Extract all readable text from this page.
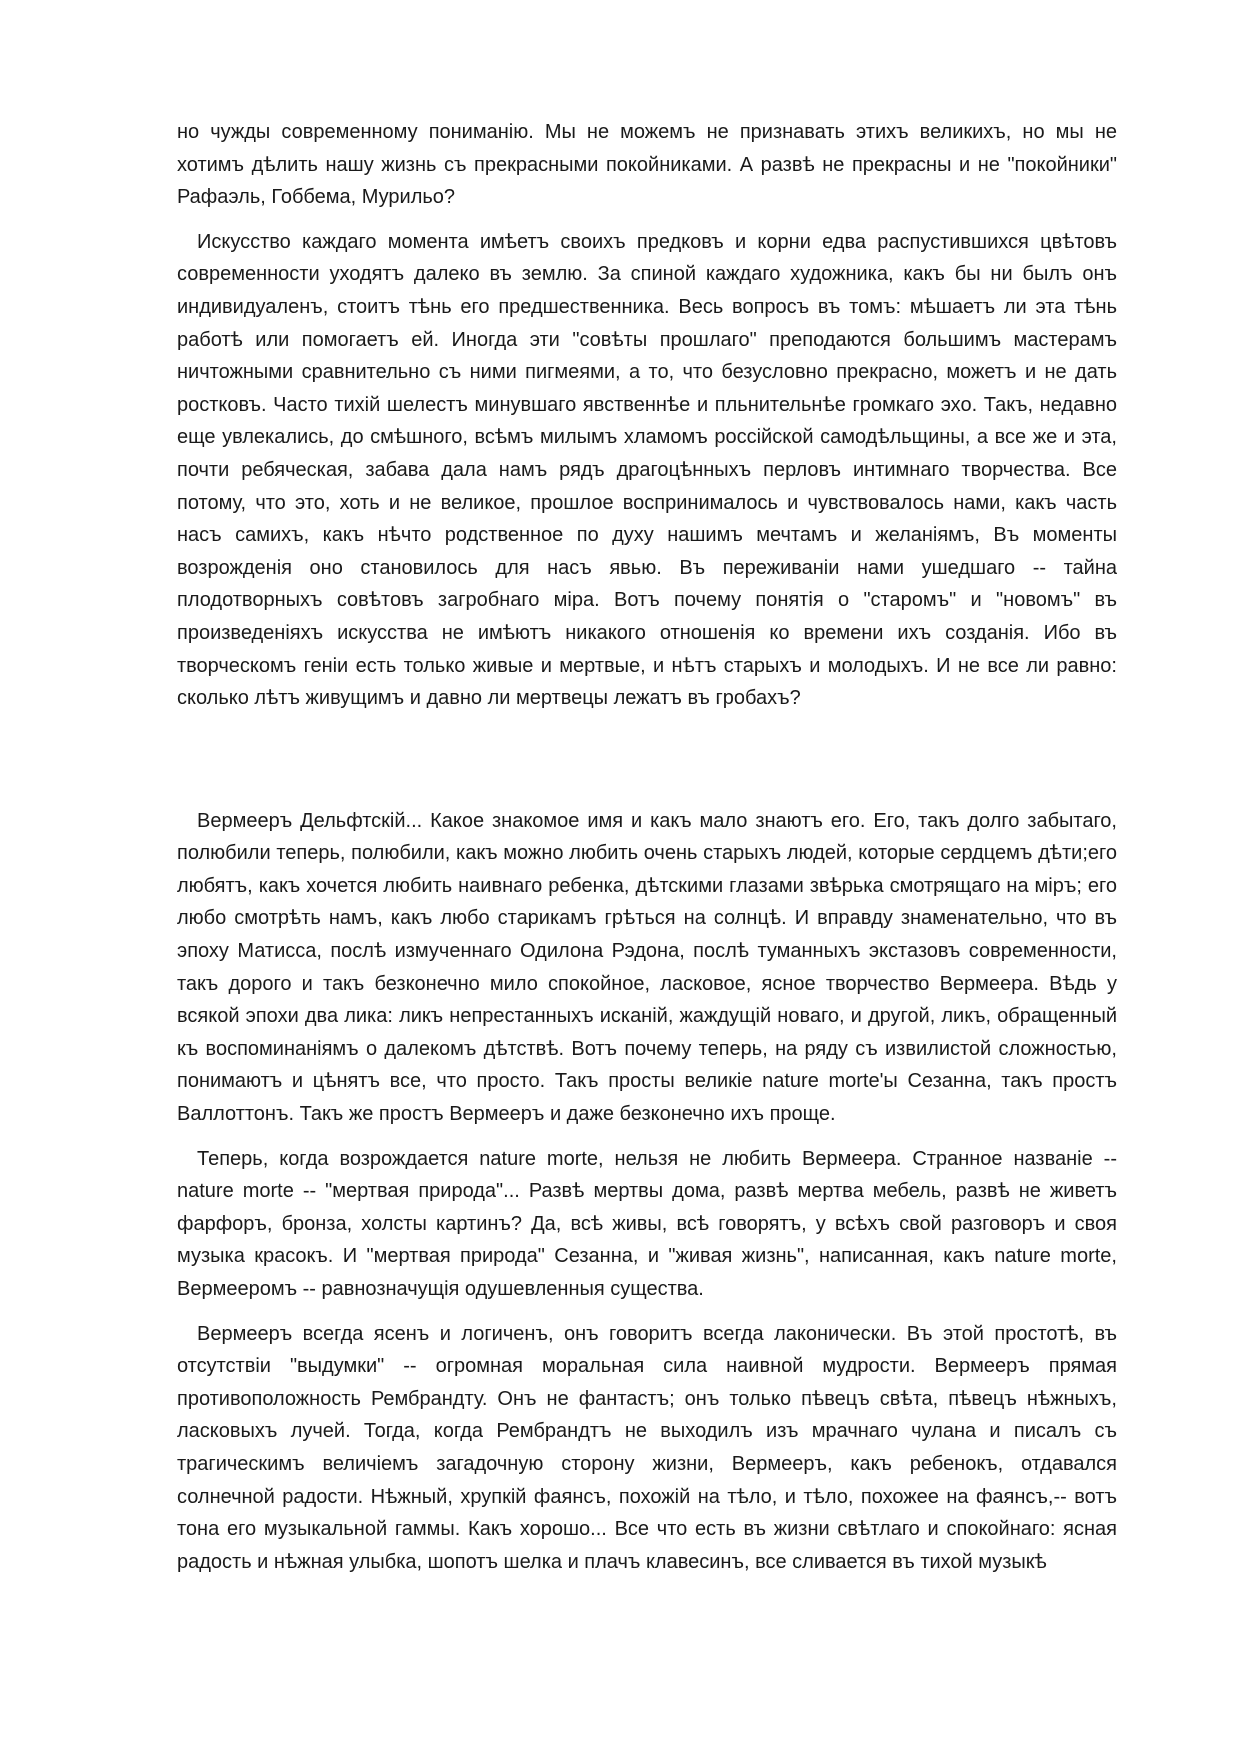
но чужды современному пониманію. Мы не можемъ не признавать этихъ великихъ, но мы не хотимъ дѣлить нашу жизнь съ прекрасными покойниками. А развѣ не прекрасны и не "покойники" Рафаэль, Гоббема, Мурильо?

Искусство каждаго момента имѣетъ своихъ предковъ и корни едва распустившихся цвѣтовъ современности уходятъ далеко въ землю. За спиной каждаго художника, какъ бы ни былъ онъ индивидуаленъ, стоитъ тѣнь его предшественника. Весь вопросъ въ томъ: мѣшаетъ ли эта тѣнь работѣ или помогаетъ ей. Иногда эти "совѣты прошлаго" преподаются большимъ мастерамъ ничтожными сравнительно съ ними пигмеями, а то, что безусловно прекрасно, можетъ и не дать ростковъ. Часто тихій шелестъ минувшаго явственнѣе и пльнительнѣе громкаго эхо. Такъ, недавно еще увлекались, до смѣшного, всѣмъ милымъ хламомъ россійской самодѣльщины, а все же и эта, почти ребяческая, забава дала намъ рядъ драгоцѣнныхъ перловъ интимнаго творчества. Все потому, что это, хоть и не великое, прошлое воспринималось и чувствовалось нами, какъ часть насъ самихъ, какъ нѣчто родственное по духу нашимъ мечтамъ и желаніямъ, Въ моменты возрожденія оно становилось для насъ явью. Въ переживаніи нами ушедшаго -- тайна плодотворныхъ совѣтовъ загробнаго міра. Вотъ почему понятія о "старомъ" и "новомъ" въ произведеніяхъ искусства не имѣютъ никакого отношенія ко времени ихъ созданія. Ибо въ творческомъ геніи есть только живые и мертвые, и нѣтъ старыхъ и молодыхъ. И не все ли равно: сколько лѣтъ живущимъ и давно ли мертвецы лежатъ въ гробахъ?

Вермееръ Дельфтскій... Какое знакомое имя и какъ мало знаютъ его. Его, такъ долго забытаго, полюбили теперь, полюбили, какъ можно любить очень старыхъ людей, которые сердцемъ дѣти;его любятъ, какъ хочется любить наивнаго ребенка, дѣтскими глазами звѣрька смотрящаго на міръ; его любо смотрѣть намъ, какъ любо старикамъ грѣться на солнцѣ. И вправду знаменательно, что въ эпоху Матисса, послѣ измученнаго Одилона Рэдона, послѣ туманныхъ экстазовъ современности, такъ дорого и такъ безконечно мило спокойное, ласковое, ясное творчество Вермеера. Вѣдь у всякой эпохи два лика: ликъ непрестанныхъ исканій, жаждущій новаго, и другой, ликъ, обращенный къ воспоминаніямъ о далекомъ дѣтствѣ. Вотъ почему теперь, на ряду съ извилистой сложностью, понимаютъ и цѣнятъ все, что просто. Такъ просты великіе nature morte'ы Сезанна, такъ простъ Валлоттонъ. Такъ же простъ Вермееръ и даже безконечно ихъ проще.

Теперь, когда возрождается nature morte, нельзя не любить Вермеера. Странное названіе -- nature morte -- "мертвая природа"... Развѣ мертвы дома, развѣ мертва мебель, развѣ не живетъ фарфоръ, бронза, холсты картинъ? Да, всѣ живы, всѣ говорятъ, у всѣхъ свой разговоръ и своя музыка красокъ. И "мертвая природа" Сезанна, и "живая жизнь", написанная, какъ nature morte, Вермееромъ -- равнозначущія одушевленныя существа.

Вермееръ всегда ясенъ и логиченъ, онъ говоритъ всегда лаконически. Въ этой простотѣ, въ отсутствіи "выдумки" -- огромная моральная сила наивной мудрости. Вермееръ прямая противоположность Рембрандту. Онъ не фантастъ; онъ только пѣвецъ свѣта, пѣвецъ нѣжныхъ, ласковыхъ лучей. Тогда, когда Рембрандтъ не выходилъ изъ мрачнаго чулана и писалъ съ трагическимъ величіемъ загадочную сторону жизни, Вермееръ, какъ ребенокъ, отдавался солнечной радости. Нѣжный, хрупкій фаянсъ, похожій на тѣло, и тѣло, похожее на фаянсъ,-- вотъ тона его музыкальной гаммы. Какъ хорошо... Все что есть въ жизни свѣтлаго и спокойнаго: ясная радость и нѣжная улыбка, шопотъ шелка и плачъ клавесинъ, все сливается въ тихой музыкѣ
